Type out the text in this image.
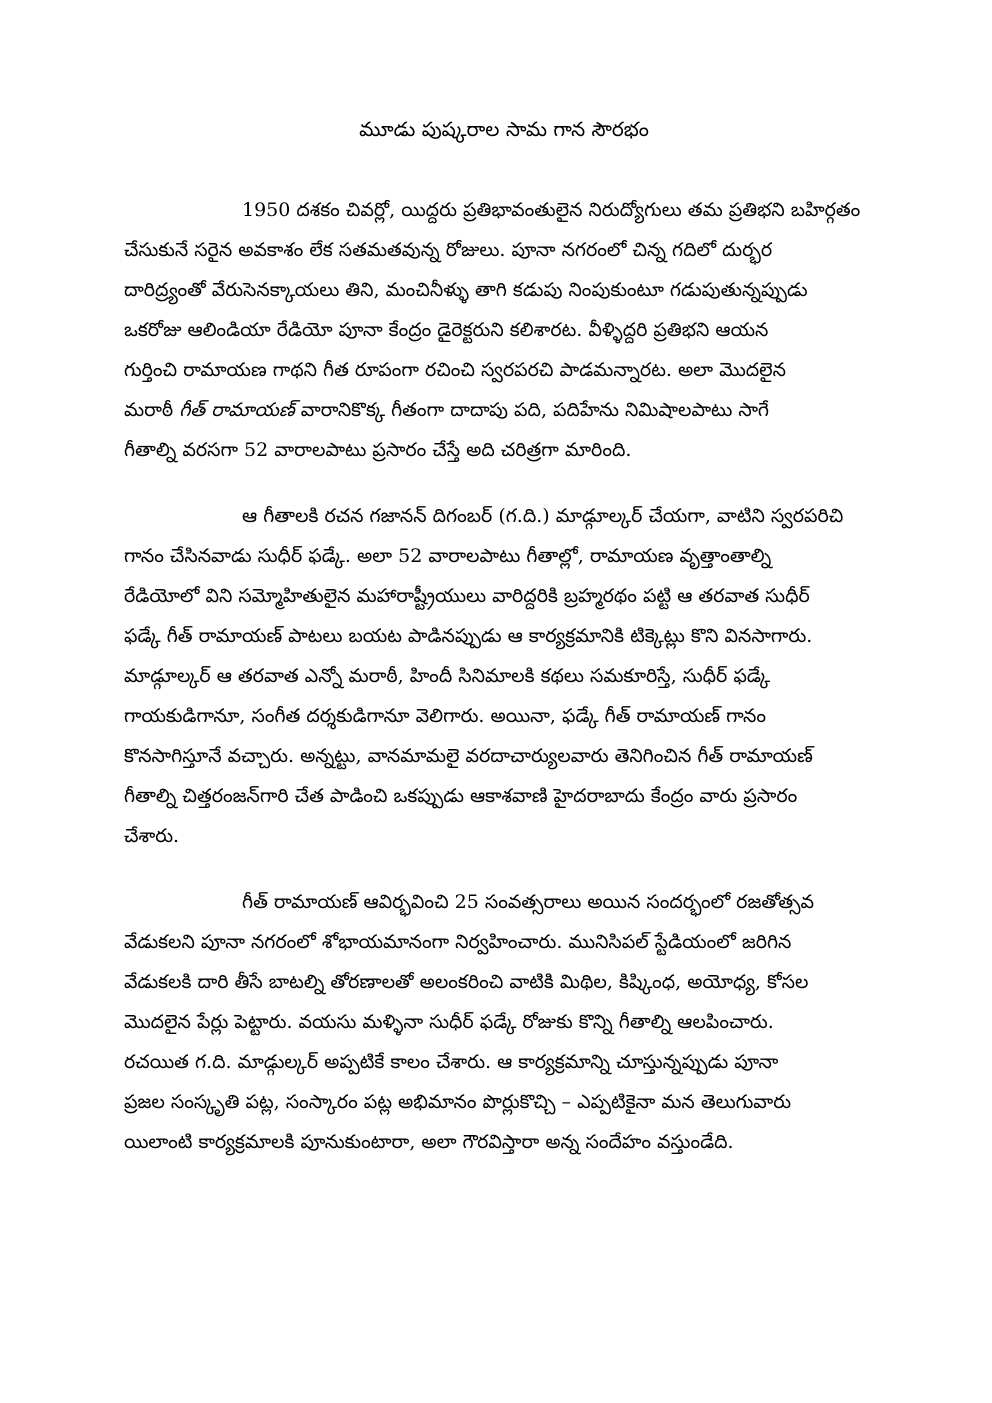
మూడు పుష్కరాల సామ గాన సౌరభం
1950 దశకం చివర్లో, యిద్దరు ప్రతిభావంతులైన నిరుద్యోగులు తమ ప్రతిభని బహిర్గతం
చేసుకునే సరైన అవకాశం లేక సతమతవున్న రోజులు. పూనా నగరంలో చిన్న గదిలో దుర్భర
దారిద్ర్యంతో వేరుసెనక్కాయలు తిని, మంచినీళ్ళు తాగి కడుపు నింపుకుంటూ గడుపుతున్నప్పుడు
ఒకరోజు ఆలిండియా రేడియో పూనా కేంద్రం డైరెక్టరుని కలిశారట. వీళ్ళిద్దరి ప్రతిభని ఆయన
గుర్తించి రామాయణ గాథని గీత రూపంగా రచించి స్వరపరచి పాడమన్నారట. అలా మొదలైన
మరాఠీ గీత్ రామాయణ్ వారానికొక్క గీతంగా దాదాపు పది, పదిహేను నిమిషాలపాటు సాగే
గీతాల్ని వరసగా 52 వారాలపాటు ప్రసారం చేస్తే అది చరిత్రగా మారింది.
ఆ గీతాలకి రచన గజానన్ దిగంబర్ (గ.ది.) మాడ్గూల్కర్ చేయగా, వాటిని స్వరపరిచి
గానం చేసినవాడు సుధీర్ ఫడ్కే. అలా 52 వారాలపాటు గీతాల్లో, రామాయణ వృత్తాంతాల్ని
రేడియోలో విని సమ్మోహితులైన మహారాష్ట్రీయులు వారిద్దరికి బ్రహ్మరథం పట్టి ఆ తరవాత సుధీర్
ఫడ్కే గీత్ రామాయణ్ పాటలు బయట పాడినప్పుడు ఆ కార్యక్రమానికి టిక్కెట్లు కొని వినసాగారు.
మాడ్గూల్కర్ ఆ తరవాత ఎన్నో మరాఠీ, హిందీ సినిమాలకి కథలు సమకూరిస్తే, సుధీర్ ఫడ్కే
గాయకుడిగానూ, సంగీత దర్శకుడిగానూ వెలిగారు. అయినా, ఫడ్కే గీత్ రామాయణ్ గానం
కొనసాగిస్తూనే వచ్చారు. అన్నట్టు, వానమామలై వరదాచార్యులవారు తెనిగించిన గీత్ రామాయణ్
గీతాల్ని చిత్తరంజన్‌గారి చేత పాడించి ఒకప్పుడు ఆకాశవాణి హైదరాబాదు కేంద్రం వారు ప్రసారం
చేశారు.
గీత్ రామాయణ్ ఆవిర్భవించి 25 సంవత్సరాలు అయిన సందర్భంలో రజతోత్సవ
వేడుకలని పూనా నగరంలో శోభాయమానంగా నిర్వహించారు. మునిసిపల్ స్టేడియంలో జరిగిన
వేడుకలకి దారి తీసే బాటల్ని తోరణాలతో అలంకరించి వాటికి మిథిల, కిష్కింధ, అయోధ్య, కోసల
మొదలైన పేర్లు పెట్టారు. వయసు మళ్ళినా సుధీర్ ఫడ్కే రోజుకు కొన్ని గీతాల్ని ఆలపించారు.
రచయిత గ.ది. మాడ్గుల్కర్ అప్పటికే కాలం చేశారు. ఆ కార్యక్రమాన్ని చూస్తున్నప్పుడు పూనా
ప్రజల సంస్కృతి పట్ల, సంస్కారం పట్ల అభిమానం పొర్లుకొచ్చి – ఎప్పటికైనా మన తెలుగువారు
యిలాంటి కార్యక్రమాలకి పూనుకుంటారా, అలా గౌరవిస్తారా అన్న సందేహం వస్తుండేది.
